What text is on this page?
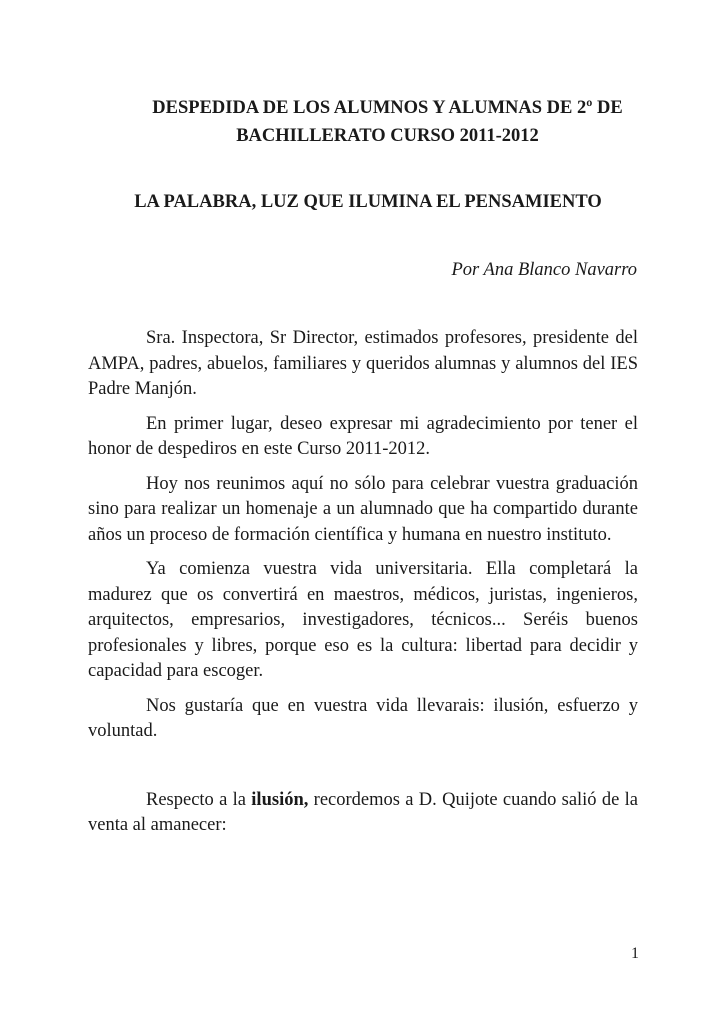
DESPEDIDA DE LOS ALUMNOS Y ALUMNAS DE 2º DE
BACHILLERATO CURSO 2011-2012
LA PALABRA, LUZ QUE ILUMINA EL PENSAMIENTO

Por Ana Blanco Navarro

Sra. Inspectora, Sr Director, estimados profesores, presidente del AMPA, padres, abuelos, familiares y queridos alumnas y alumnos del IES Padre Manjón.

En primer lugar, deseo expresar mi agradecimiento por tener el honor de despediros en este Curso 2011-2012.

Hoy nos reunimos aquí no sólo para celebrar vuestra graduación sino para realizar un homenaje a un alumnado que ha compartido durante años un proceso de formación científica y humana en nuestro instituto.

Ya comienza vuestra vida universitaria. Ella completará la madurez que os convertirá en maestros, médicos, juristas, ingenieros, arquitectos, empresarios, investigadores, técnicos... Seréis buenos profesionales y libres, porque eso es la cultura: libertad para decidir y capacidad para escoger.

Nos gustaría que en vuestra vida llevarais: ilusión, esfuerzo y voluntad.

Respecto a la ilusión, recordemos a D. Quijote cuando salió de la venta al amanecer:

1
